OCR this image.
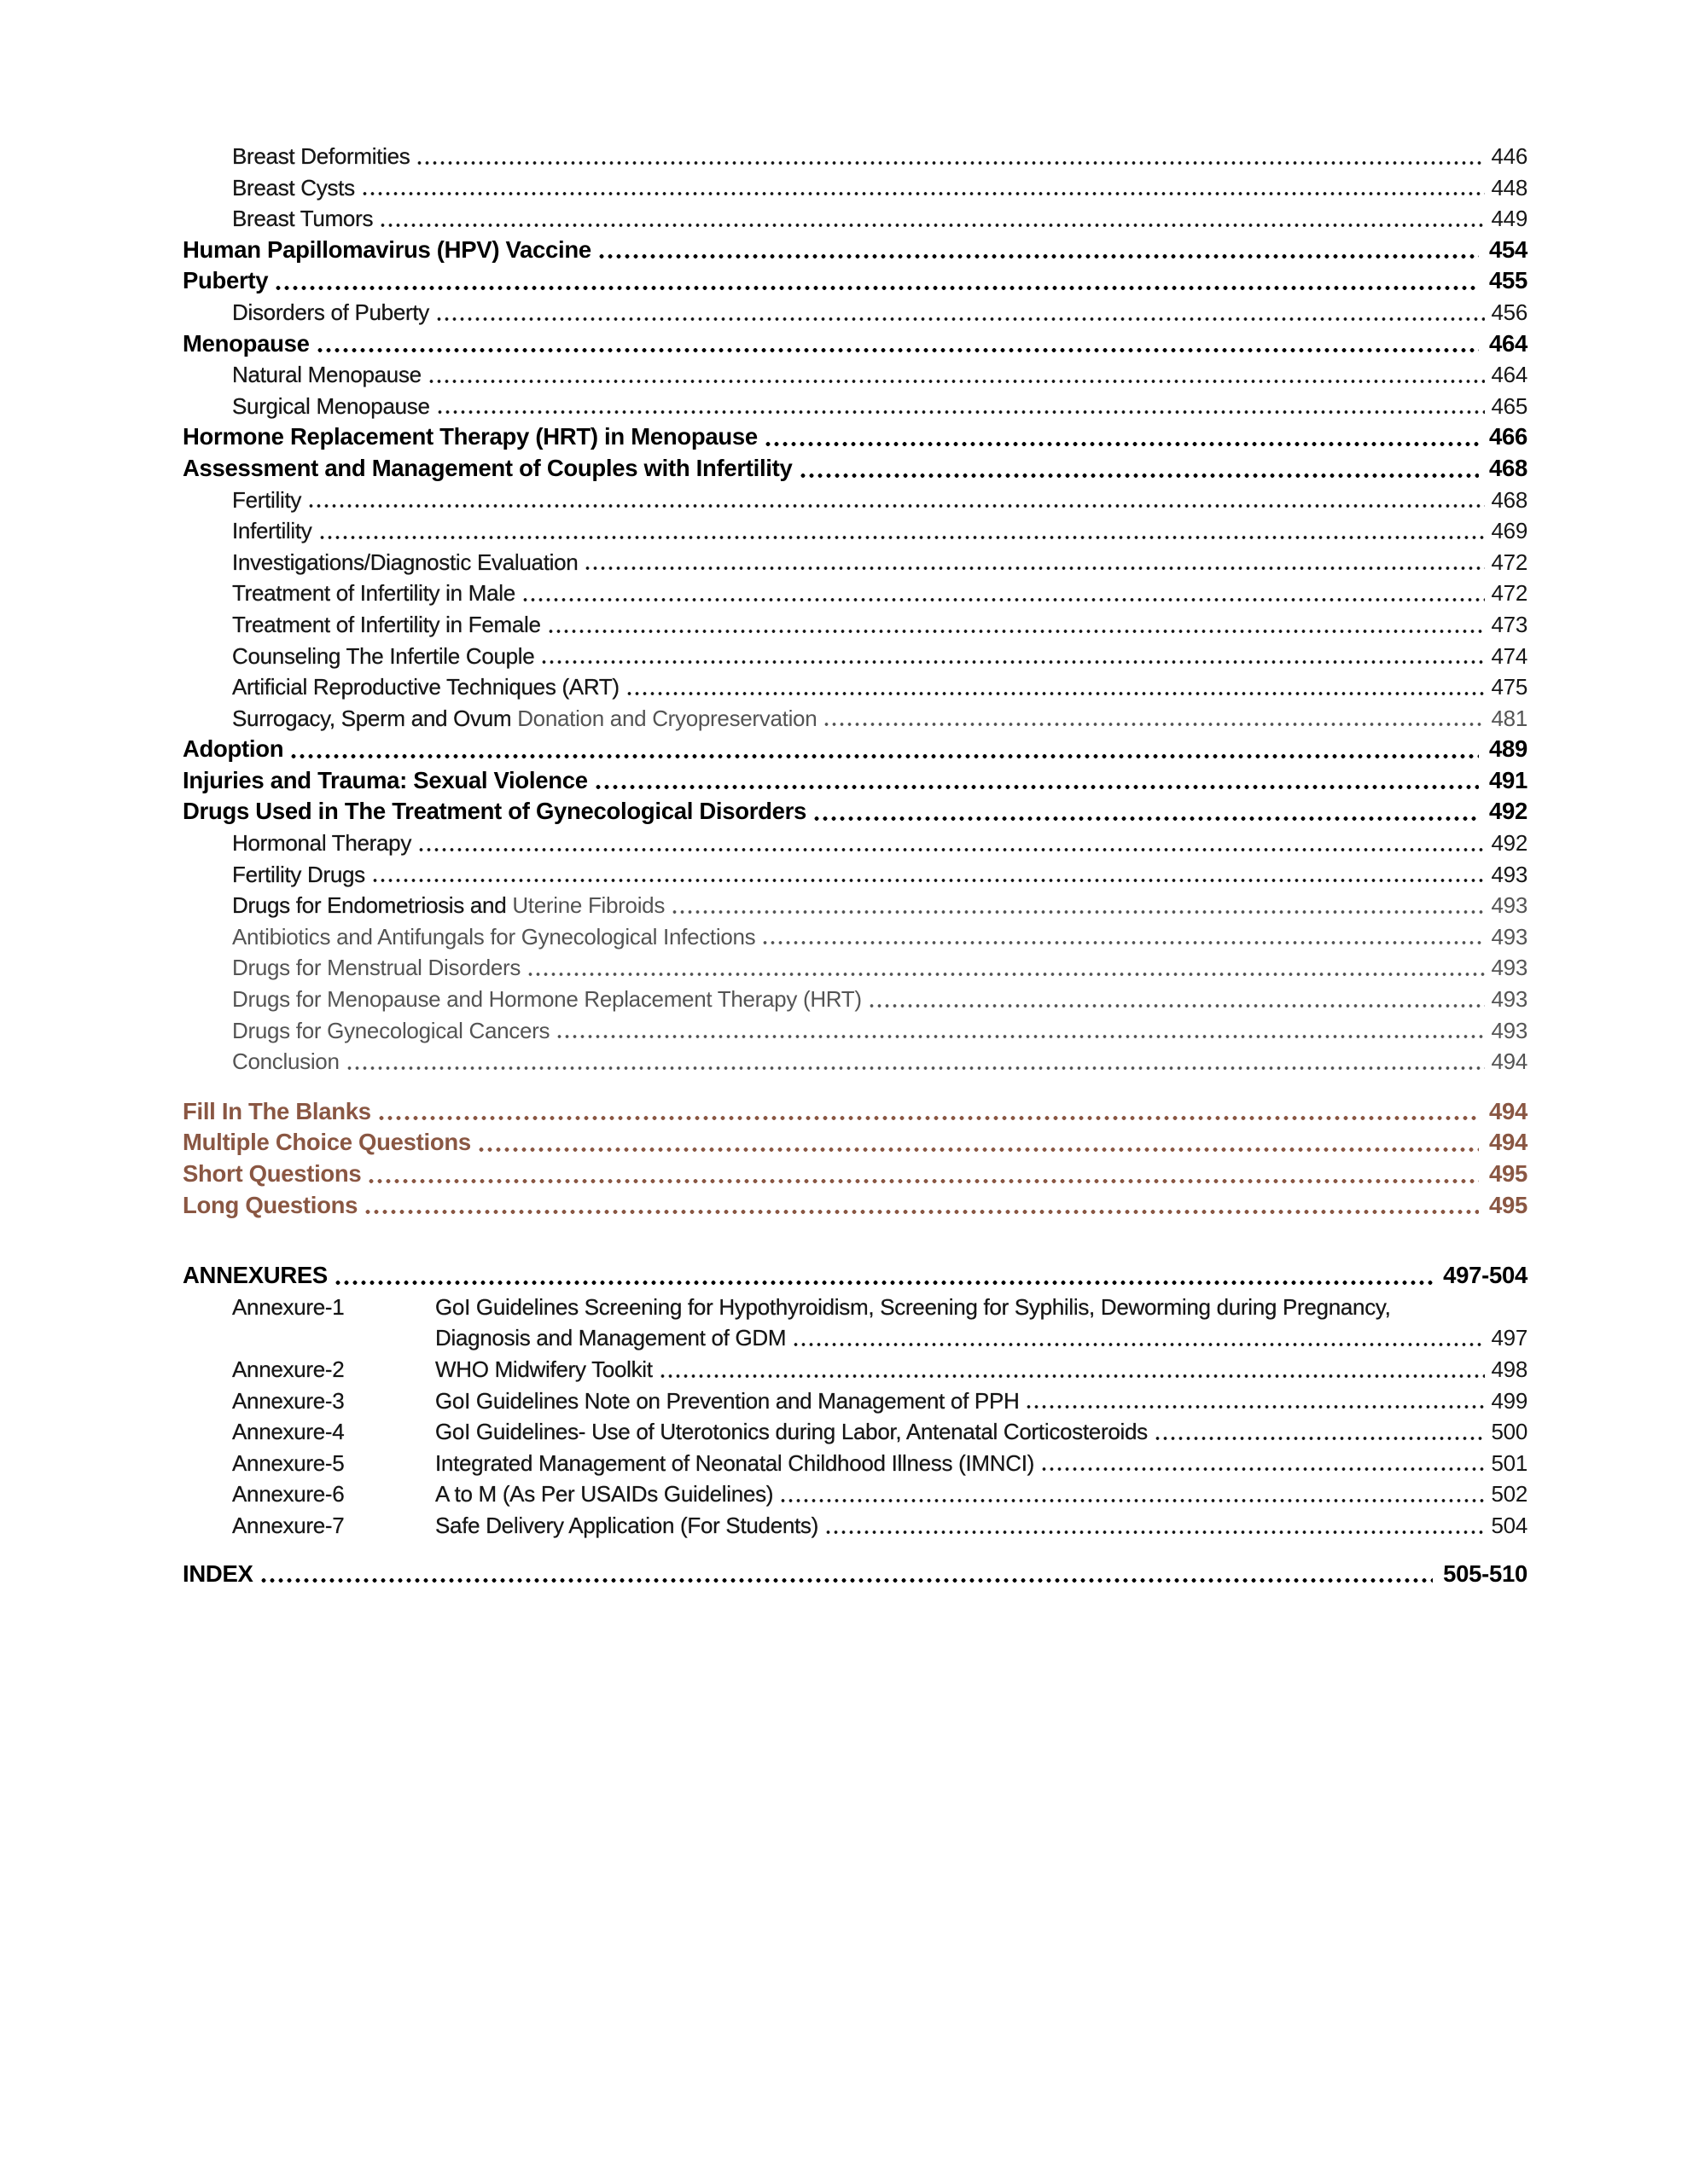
Breast Deformities	446
Breast Cysts	448
Breast Tumors	449
Human Papillomavirus (HPV) Vaccine	454
Puberty	455
Disorders of Puberty	456
Menopause	464
Natural Menopause	464
Surgical Menopause	465
Hormone Replacement Therapy (HRT) in Menopause	466
Assessment and Management of Couples with Infertility	468
Fertility	468
Infertility	469
Investigations/Diagnostic Evaluation	472
Treatment of Infertility in Male	472
Treatment of Infertility in Female	473
Counseling The Infertile Couple	474
Artificial Reproductive Techniques (ART)	475
Surrogacy, Sperm and Ovum Donation and Cryopreservation	481
Adoption	489
Injuries and Trauma: Sexual Violence	491
Drugs Used in The Treatment of Gynecological Disorders	492
Hormonal Therapy	492
Fertility Drugs	493
Drugs for Endometriosis and Uterine Fibroids	493
Antibiotics and Antifungals for Gynecological Infections	493
Drugs for Menstrual Disorders	493
Drugs for Menopause and Hormone Replacement Therapy (HRT)	493
Drugs for Gynecological Cancers	493
Conclusion	494
Fill In The Blanks	494
Multiple Choice Questions	494
Short Questions	495
Long Questions	495
ANNEXURES	497-504
Annexure-1	GoI Guidelines Screening for Hypothyroidism, Screening for Syphilis, Deworming during Pregnancy,
Diagnosis and Management of GDM	497
Annexure-2	WHO Midwifery Toolkit	498
Annexure-3	GoI Guidelines Note on Prevention and Management of PPH	499
Annexure-4	GoI Guidelines- Use of Uterotonics during Labor, Antenatal Corticosteroids	500
Annexure-5	Integrated Management of Neonatal Childhood Illness (IMNCI)	501
Annexure-6	A to M (As Per USAIDs Guidelines)	502
Annexure-7	Safe Delivery Application (For Students)	504
INDEX	505-510
